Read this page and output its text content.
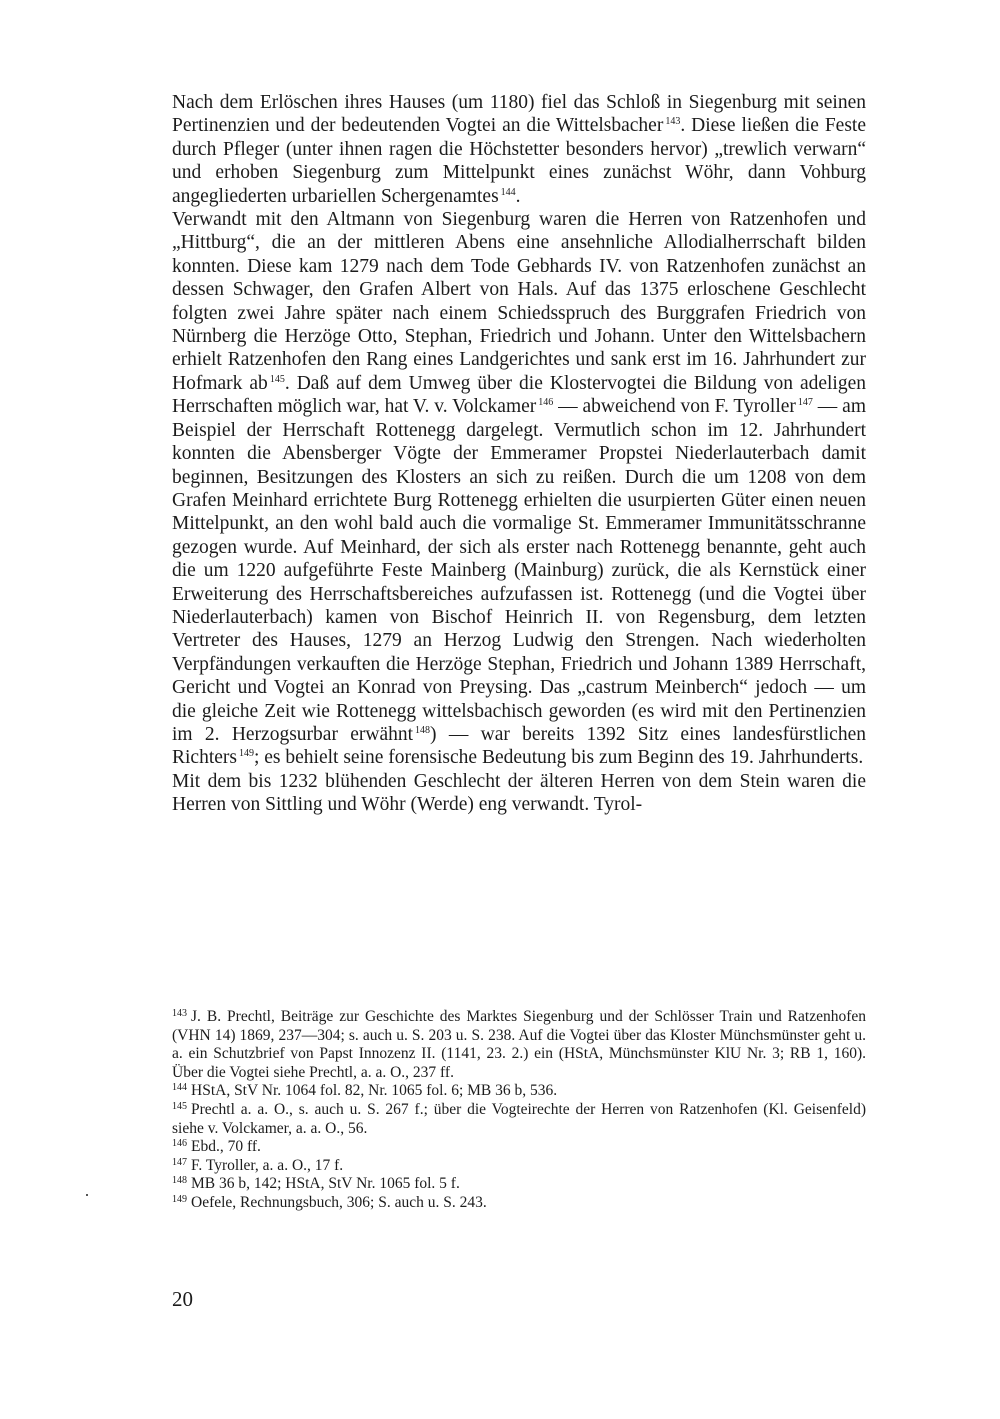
Nach dem Erlöschen ihres Hauses (um 1180) fiel das Schloß in Siegenburg mit seinen Pertinenzien und der bedeutenden Vogtei an die Wittelsbacher $^{143}$. Diese ließen die Feste durch Pfleger (unter ihnen ragen die Höchstetter besonders hervor) „trewlich verwarn“ und erhoben Siegenburg zum Mittelpunkt eines zunächst Wöhr, dann Vohburg angegliederten urbariellen Schergenamtes $^{144}$.

Verwandt mit den Altmann von Siegenburg waren die Herren von Ratzenhofen und „Hittburg“, die an der mittleren Abens eine ansehnliche Allodialherrschaft bilden konnten. Diese kam 1279 nach dem Tode Gebhards IV. von Ratzenhofen zunächst an dessen Schwager, den Grafen Albert von Hals. Auf das 1375 erloschene Geschlecht folgten zwei Jahre später nach einem Schiedsspruch des Burggrafen Friedrich von Nürnberg die Herzöge Otto, Stephan, Friedrich und Johann. Unter den Wittelsbachern erhielt Ratzenhofen den Rang eines Landgerichtes und sank erst im 16. Jahrhundert zur Hofmark ab $^{145}$. Daß auf dem Umweg über die Klostervogtei die Bildung von adeligen Herrschaften möglich war, hat V. v. Volckamer $^{146}$ — abweichend von F. Tyroller $^{147}$ — am Beispiel der Herrschaft Rottenegg dargelegt. Vermutlich schon im 12. Jahrhundert konnten die Abensberger Vögte der Emmeramer Propstei Niederlauterbach damit beginnen, Besitzungen des Klosters an sich zu reißen. Durch die um 1208 von dem Grafen Meinhard errichtete Burg Rottenegg erhielten die usurpierten Güter einen neuen Mittelpunkt, an den wohl bald auch die vormalige St. Emmeramer Immunitätsschranne gezogen wurde. Auf Meinhard, der sich als erster nach Rottenegg benannte, geht auch die um 1220 aufgeführte Feste Mainberg (Mainburg) zurück, die als Kernstück einer Erweiterung des Herrschaftsbereiches aufzufassen ist. Rottenegg (und die Vogtei über Niederlauterbach) kamen von Bischof Heinrich II. von Regensburg, dem letzten Vertreter des Hauses, 1279 an Herzog Ludwig den Strengen. Nach wiederholten Verpfändungen verkauften die Herzöge Stephan, Friedrich und Johann 1389 Herrschaft, Gericht und Vogtei an Konrad von Preysing. Das „castrum Meinberch“ jedoch — um die gleiche Zeit wie Rottenegg wittelsbachisch geworden (es wird mit den Pertinenzien im 2. Herzogsurbar erwähnt $^{148}$) — war bereits 1392 Sitz eines landesfürstlichen Richters $^{149}$; es behielt seine forensische Bedeutung bis zum Beginn des 19. Jahrhunderts.

Mit dem bis 1232 blühenden Geschlecht der älteren Herren von dem Stein waren die Herren von Sittling und Wöhr (Werde) eng verwandt. Tyrol-

$^{143}$ J. B. Prechtl, Beiträge zur Geschichte des Marktes Siegenburg und der Schlösser Train und Ratzenhofen (VHN 14) 1869, 237—304; s. auch u. S. 203 u. S. 238. Auf die Vogtei über das Kloster Münchsmünster geht u. a. ein Schutzbrief von Papst Innozenz II. (1141, 23. 2.) ein (HStA, Münchsmünster KlU Nr. 3; RB 1, 160). Über die Vogtei siehe Prechtl, a. a. O., 237 ff.

$^{144}$ HStA, StV Nr. 1064 fol. 82, Nr. 1065 fol. 6; MB 36 b, 536.

$^{145}$ Prechtl a. a. O., s. auch u. S. 267 f.; über die Vogteirechte der Herren von Ratzenhofen (Kl. Geisenfeld) siehe v. Volckamer, a. a. O., 56.

$^{146}$ Ebd., 70 ff.

$^{147}$ F. Tyroller, a. a. O., 17 f.

$^{148}$ MB 36 b, 142; HStA, StV Nr. 1065 fol. 5 f.

$^{149}$ Oefele, Rechnungsbuch, 306; S. auch u. S. 243.

20
